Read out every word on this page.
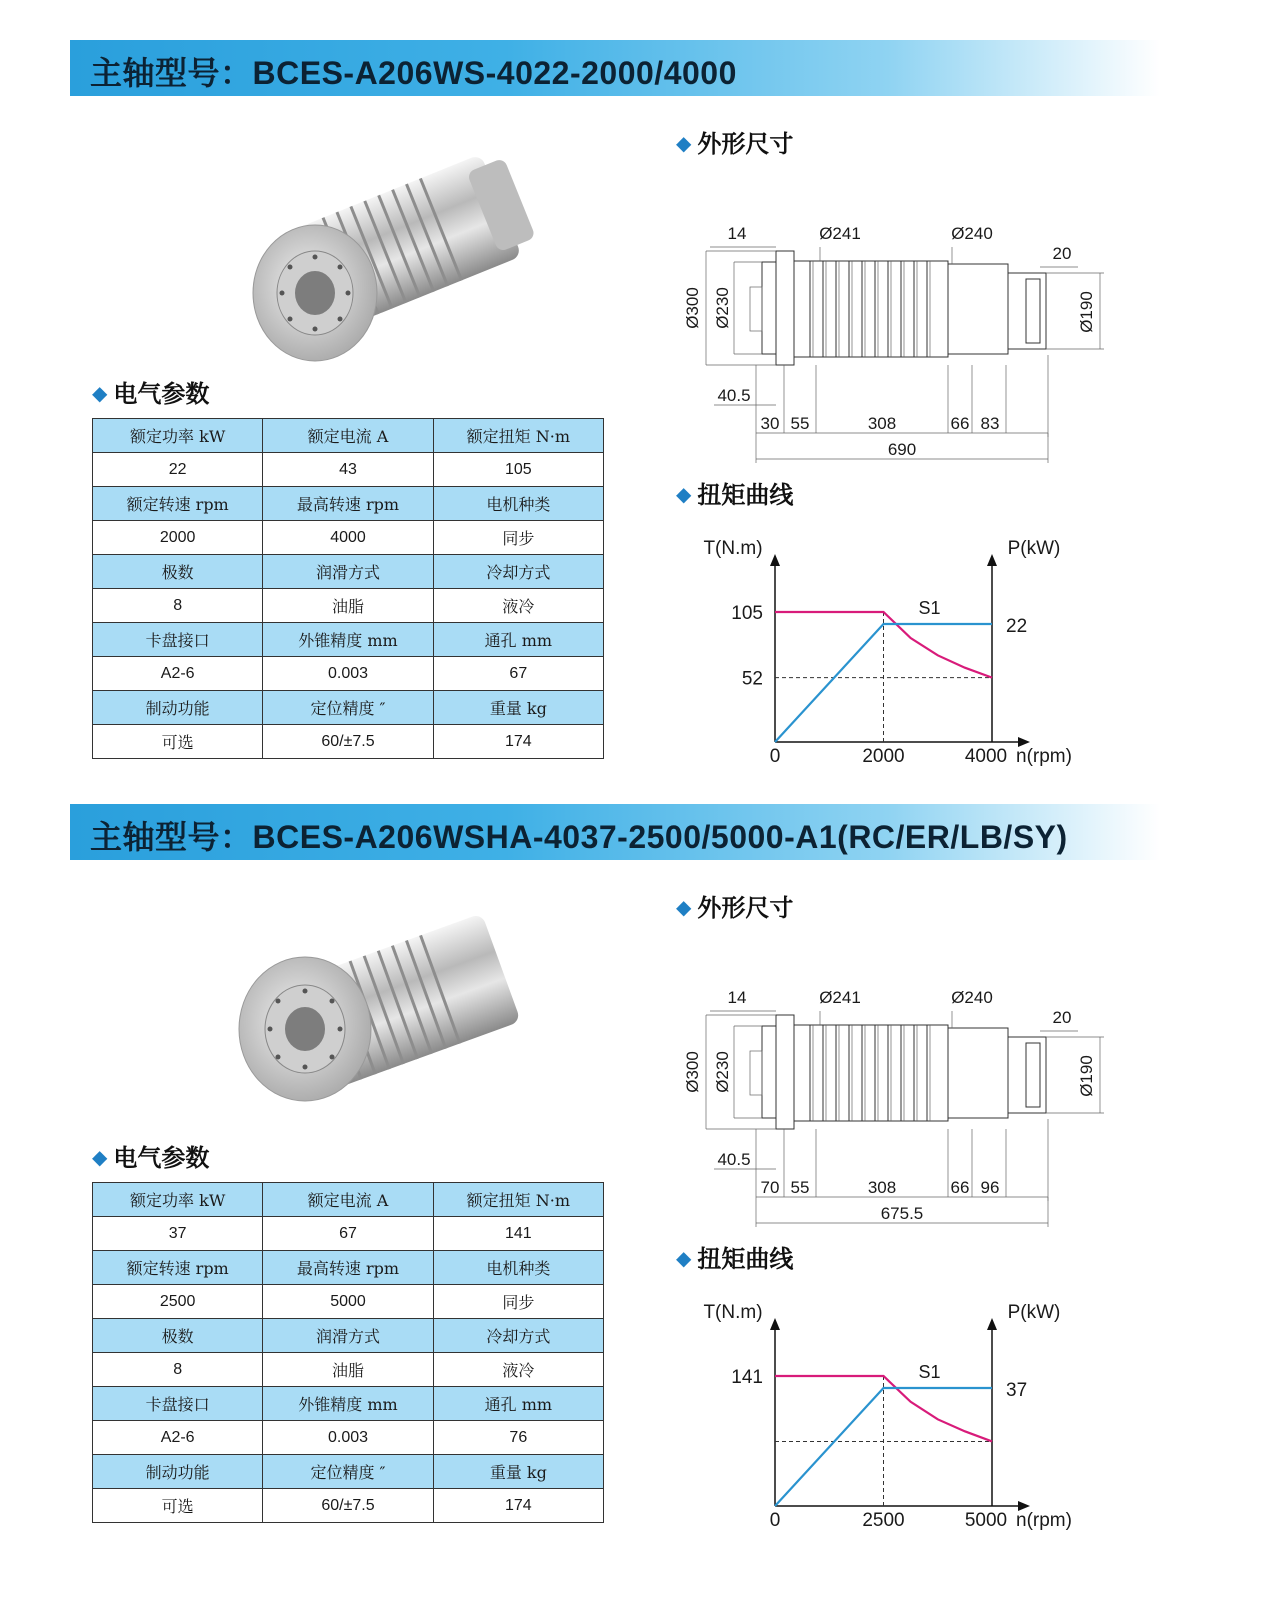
主轴型号：BCES-A206WS-4022-2000/4000
◆ 电气参数
额定功率 kW	额定电流 A	额定扭矩 N·m
22	43	105
额定转速 rpm	最高转速 rpm	电机种类
2000	4000	同步
极数	润滑方式	冷却方式
8	油脂	液冷
卡盘接口	外锥精度 mm	通孔 mm
A2-6	0.003	67
制动功能	定位精度 ″	重量 kg
可选	60/±7.5	174
◆ 外形尺寸
14	Ø241	Ø240
20
Ø300 Ø230
40.5
Ø190
30 55	308	66 83
690
◆ 扭矩曲线
T(N.m)	P(kW)
n(rpm)
0	2000	4000
52
105
22
S1
主轴型号：BCES-A206WSHA-4037-2500/5000-A1(RC/ER/LB/SY)
◆ 电气参数
额定功率 kW	额定电流 A	额定扭矩 N·m
37	67	141
额定转速 rpm	最高转速 rpm	电机种类
2500	5000	同步
极数	润滑方式	冷却方式
8	油脂	液冷
卡盘接口	外锥精度 mm	通孔 mm
A2-6	0.003	76
制动功能	定位精度 ″	重量 kg
可选	60/±7.5	174
◆ 外形尺寸
14	Ø241	Ø240
20
Ø300 Ø230
40.5
Ø190
70 55	308	66 96
675.5
◆ 扭矩曲线
T(N.m)	P(kW)
n(rpm)
0	2500	5000
141
37
S1
